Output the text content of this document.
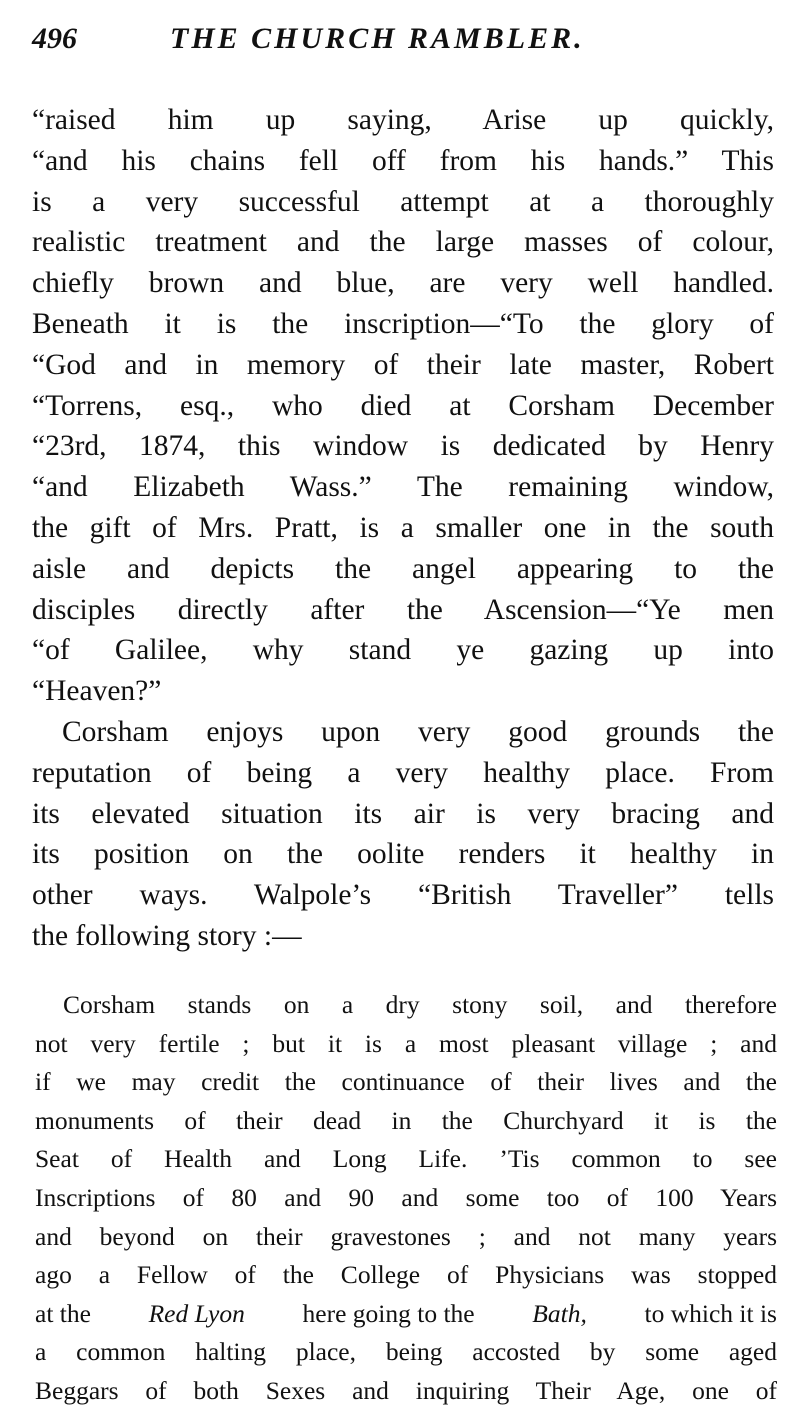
496	THE CHURCH RAMBLER.
“raised him up saying, Arise up quickly,
“and his chains fell off from his hands.” This
is a very successful attempt at a thoroughly
realistic treatment and the large masses of colour,
chiefly brown and blue, are very well handled.
Beneath it is the inscription—“To the glory of
“God and in memory of their late master, Robert
“Torrens, esq., who died at Corsham December
“23rd, 1874, this window is dedicated by Henry
“and Elizabeth Wass.” The remaining window,
the gift of Mrs. Pratt, is a smaller one in the south
aisle and depicts the angel appearing to the
disciples directly after the Ascension—“Ye men
“of Galilee, why stand ye gazing up into
“Heaven?”
Corsham enjoys upon very good grounds the
reputation of being a very healthy place. From
its elevated situation its air is very bracing and
its position on the oolite renders it healthy in
other ways. Walpole’s “British Traveller” tells
the following story :—
Corsham stands on a dry stony soil, and therefore
not very fertile ; but it is a most pleasant village ; and
if we may credit the continuance of their lives and the
monuments of their dead in the Churchyard it is the
Seat of Health and Long Life. ’Tis common to see
Inscriptions of 80 and 90 and some too of 100 Years
and beyond on their gravestones ; and not many years
ago a Fellow of the College of Physicians was stopped
at the Red Lyon here going to the Bath, to which it is
a common halting place, being accosted by some aged
Beggars of both Sexes and inquiring Their Age, one of
